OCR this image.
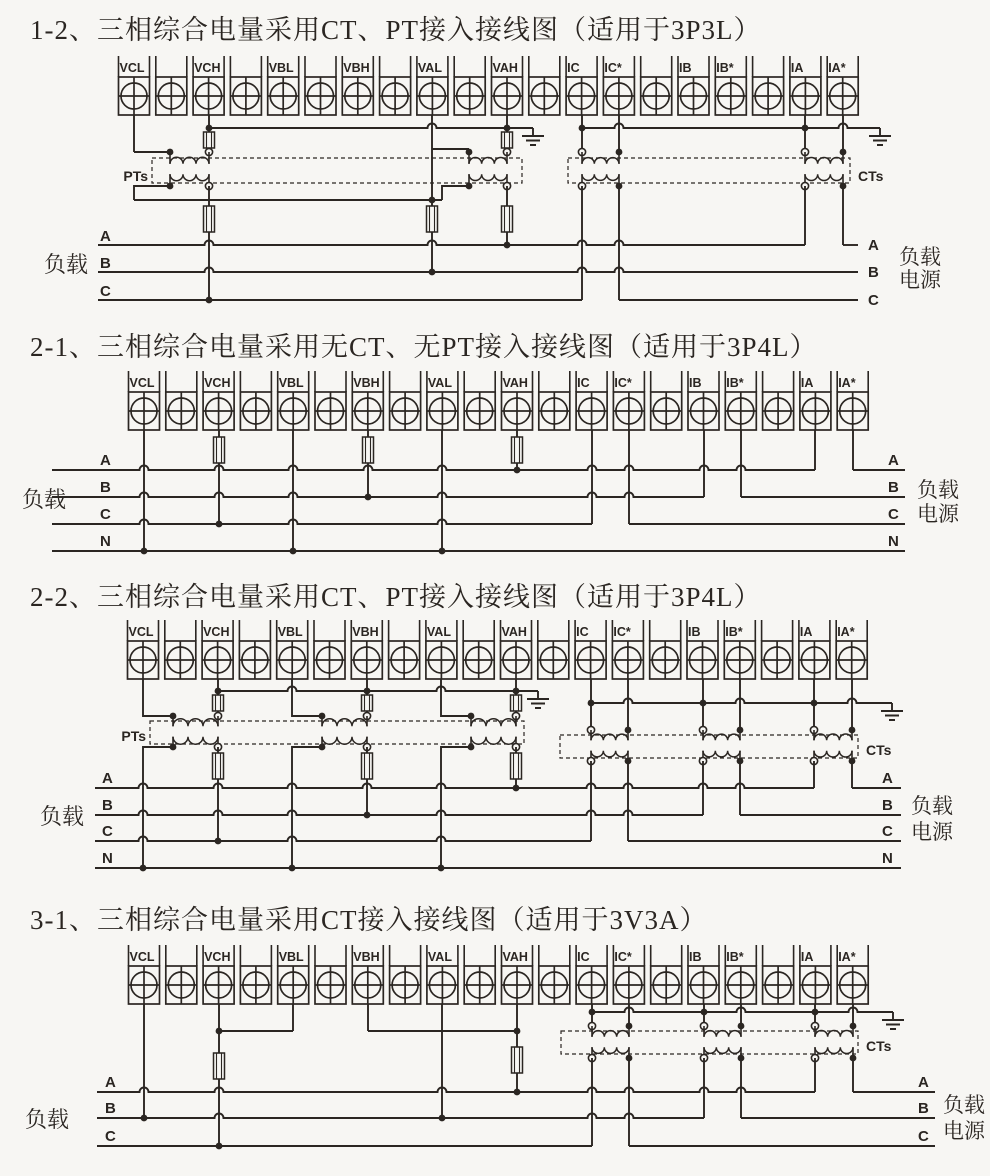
1-2、三相综合电量采用CT、PT接入接线图（适用于3P3L）
2-1、三相综合电量采用无CT、无PT接入接线图（适用于3P4L）
2-2、三相综合电量采用CT、PT接入接线图（适用于3P4L）
3-1、三相综合电量采用CT接入接线图（适用于3V3A）
VCL	VCH	VBL	VBH	VAL	VAH	IC IC*	IB IB*	IA IA*
PTs	CTs
A
B
C
负载
A
B
C
负载
电源
VCL	VCH	VBL	VBH	VAL	VAH	IC IC*	IB IB*	IA IA*
A
B
C
N
负载
A
B
C
N
负载
电源
VCL	VCH	VBL	VBH	VAL	VAH	IC IC*	IB IB*	IA IA*
PTs
CTs
A
B
C
N
负载
A
B
C
N
负载
电源
VCL	VCH	VBL	VBH	VAL	VAH	IC IC*	IB IB*	IA IA*
CTs
A
B
C
负载
A
B
C
负载
电源
